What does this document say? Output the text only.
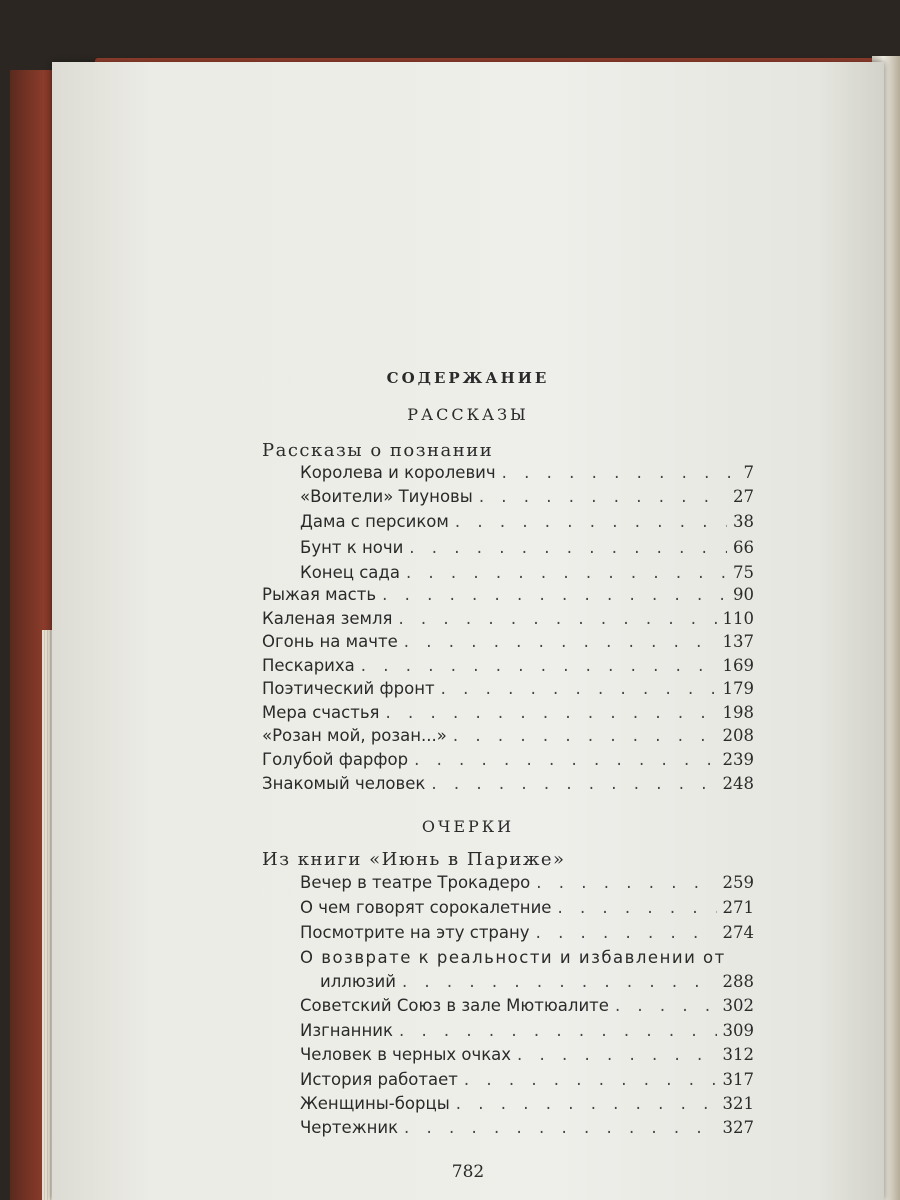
СОДЕРЖАНИЕ
РАССКАЗЫ
Рассказы о познании
Королева и королевич . . .	7
«Воители» Тиуновы . . .	27
Дама с персиком . . .	38
Бунт к ночи . . .	66
Конец сада . . .	75
Рыжая масть . . .	90
Каленая земля . . .	110
Огонь на мачте . . .	137
Пескариха . . .	169
Поэтический фронт . . .	179
Мера счастья . . .	198
«Розан мой, розан...» . . .	208
Голубой фарфор . . .	239
Знакомый человек . . .	248
ОЧЕРКИ
Из книги «Июнь в Париже»
Вечер в театре Трокадеро . . .	259
О чем говорят сорокалетние . . .	271
Посмотрите на эту страну . . .	274
О возврате к реальности и избавлении от
иллюзий . . .	288
Советский Союз в зале Мютюалите . . .	302
Изгнанник . . .	309
Человек в черных очках . . .	312
История работает . . .	317
Женщины-борцы . . .	321
Чертежник . . .	327
782
